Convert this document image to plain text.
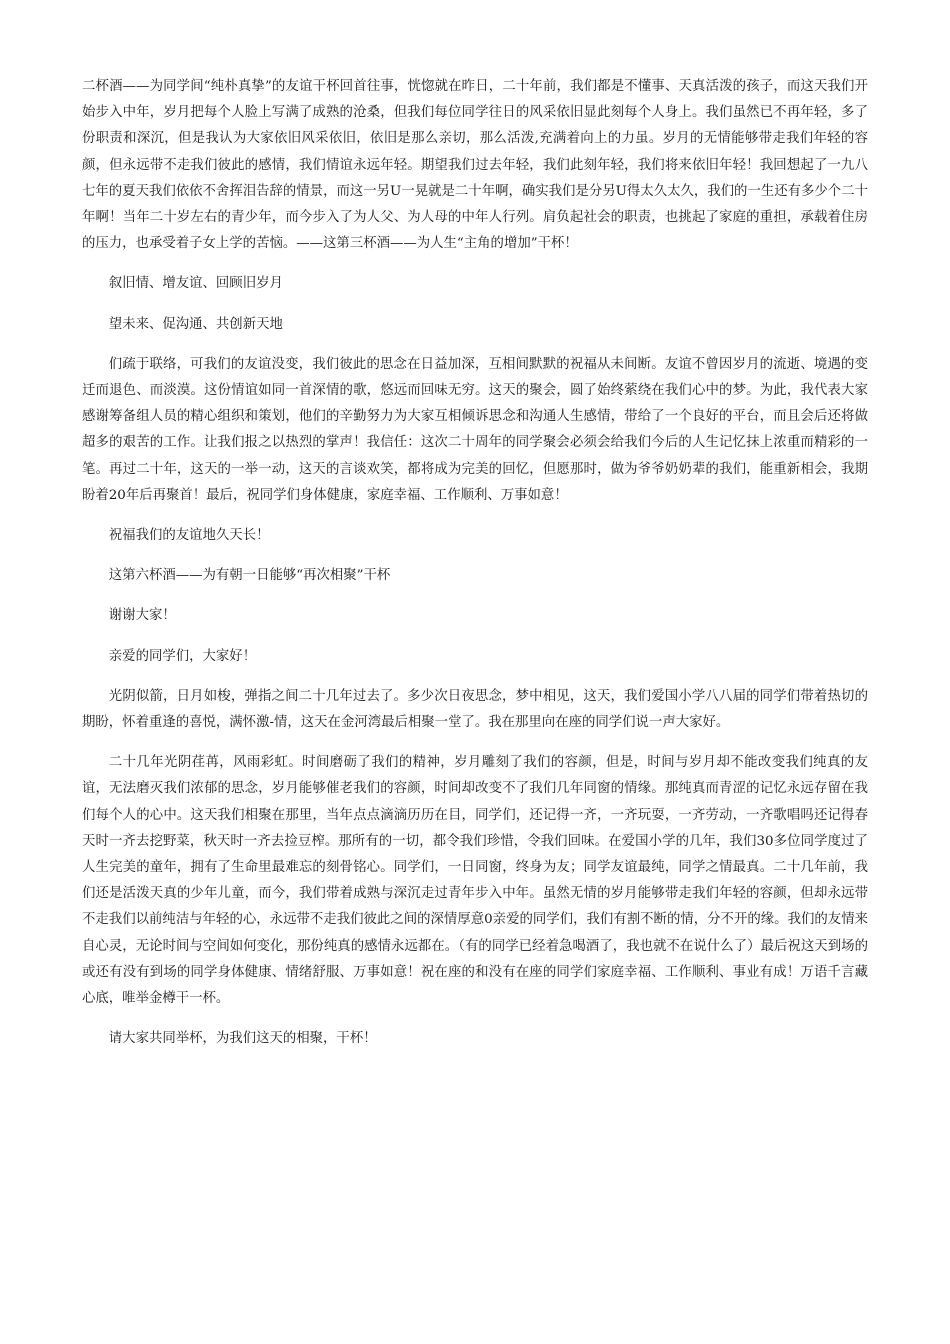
二杯酒——为同学间“纯朴真挚”的友谊干杯回首往事，恍惚就在昨日，二十年前，我们都是不懂事、天真活泼的孩子，而这天我们开始步入中年，岁月把每个人脸上写满了成熟的沧桑，但我们每位同学往日的风采依旧显此刻每个人身上。我们虽然已不再年轻，多了份职责和深沉，但是我认为大家依旧风采依旧，依旧是那么亲切，那么活泼,充满着向上的力虽。岁月的无情能够带走我们年轻的容颜，但永远带不走我们彼此的感情，我们情谊永远年轻。期望我们过去年轻，我们此刻年轻，我们将来依旧年轻！我回想起了一九八七年的夏天我们依依不舍挥泪告辞的情景，而这一另U一晃就是二十年啊，确实我们是分另U得太久太久，我们的一生还有多少个二十年啊！当年二十岁左右的青少年，而今步入了为人父、为人母的中年人行列。肩负起社会的职责，也挑起了家庭的重担，承载着住房的压力，也承受着子女上学的苦恼。——这第三杯酒——为人生“主角的增加”干杯！

叙旧情、增友谊、回顾旧岁月

望未来、促沟通、共创新天地

们疏于联络，可我们的友谊没变，我们彼此的思念在日益加深，互相间默默的祝福从未间断。友谊不曾因岁月的流逝、境遇的变迁而退色、而淡漠。这份情谊如同一首深情的歌，悠远而回味无穷。这天的聚会，圆了始终萦绕在我们心中的梦。为此，我代表大家感谢筹备组人员的精心组织和策划，他们的辛勤努力为大家互相倾诉思念和沟通人生感情，带给了一个良好的平台，而且会后还将做超多的艰苦的工作。让我们报之以热烈的掌声！我信任：这次二十周年的同学聚会必须会给我们今后的人生记忆抹上浓重而精彩的一笔。再过二十年，这天的一举一动，这天的言谈欢笑，都将成为完美的回忆，但愿那时，做为爷爷奶奶辈的我们，能重新相会，我期盼着20年后再聚首！最后，祝同学们身体健康，家庭幸福、工作顺利、万事如意！

祝福我们的友谊地久天长！

这第六杯酒——为有朝一日能够“再次相聚”干杯

谢谢大家！

亲爱的同学们，大家好！

光阴似箭，日月如梭，弹指之间二十几年过去了。多少次日夜思念，梦中相见，这天，我们爱国小学八八届的同学们带着热切的期盼，怀着重逢的喜悦，满怀激-情，这天在金河湾最后相聚一堂了。我在那里向在座的同学们说一声大家好。

二十几年光阴荏苒，风雨彩虹。时间磨砺了我们的精神，岁月雕刻了我们的容颜，但是，时间与岁月却不能改变我们纯真的友谊，无法磨灭我们浓郁的思念，岁月能够催老我们的容颜，时间却改变不了我们几年同窗的情缘。那纯真而青涩的记忆永远存留在我们每个人的心中。这天我们相聚在那里，当年点点滴滴历历在目，同学们，还记得一齐，一齐玩耍，一齐劳动，一齐歌唱吗还记得春天时一齐去挖野菜，秋天时一齐去捡豆榨。那所有的一切，都令我们珍惜，令我们回味。在爱国小学的几年，我们30多位同学度过了人生完美的童年，拥有了生命里最难忘的刻骨铭心。同学们，一日同窗，终身为友；同学友谊最纯，同学之情最真。二十几年前，我们还是活泼天真的少年儿童，而今，我们带着成熟与深沉走过青年步入中年。虽然无情的岁月能够带走我们年轻的容颜，但却永远带不走我们以前纯洁与年轻的心，永远带不走我们彼此之间的深情厚意0亲爱的同学们，我们有割不断的情，分不开的缘。我们的友情来自心灵，无论时间与空间如何变化，那份纯真的感情永远都在。（有的同学已经着急喝酒了，我也就不在说什么了）最后祝这天到场的或还有没有到场的同学身体健康、情绪舒服、万事如意！祝在座的和没有在座的同学们家庭幸福、工作顺利、事业有成！万语千言藏心底，唯举金樽干一杯。

请大家共同举杯，为我们这天的相聚，干杯！
